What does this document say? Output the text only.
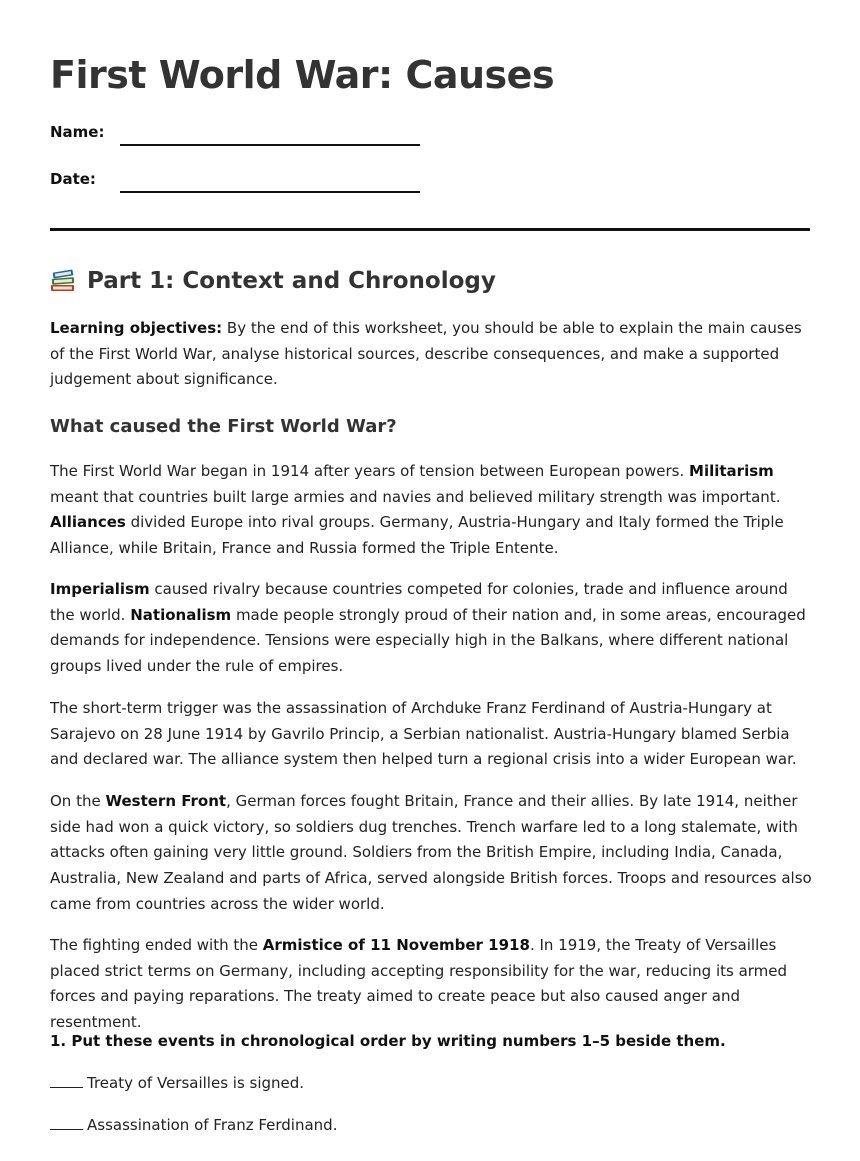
First World War: Causes
Name:
Date:
Part 1: Context and Chronology

Learning objectives: By the end of this worksheet, you should be able to explain the main causes of the First World War, analyse historical sources, describe consequences, and make a supported judgement about significance.

What caused the First World War?

The First World War began in 1914 after years of tension between European powers. Militarism meant that countries built large armies and navies and believed military strength was important. Alliances divided Europe into rival groups. Germany, Austria-Hungary and Italy formed the Triple Alliance, while Britain, France and Russia formed the Triple Entente.

Imperialism caused rivalry because countries competed for colonies, trade and influence around the world. Nationalism made people strongly proud of their nation and, in some areas, encouraged demands for independence. Tensions were especially high in the Balkans, where different national groups lived under the rule of empires.

The short-term trigger was the assassination of Archduke Franz Ferdinand of Austria-Hungary at Sarajevo on 28 June 1914 by Gavrilo Princip, a Serbian nationalist. Austria-Hungary blamed Serbia and declared war. The alliance system then helped turn a regional crisis into a wider European war.

On the Western Front, German forces fought Britain, France and their allies. By late 1914, neither side had won a quick victory, so soldiers dug trenches. Trench warfare led to a long stalemate, with attacks often gaining very little ground. Soldiers from the British Empire, including India, Canada, Australia, New Zealand and parts of Africa, served alongside British forces. Troops and resources also came from countries across the wider world.

The fighting ended with the Armistice of 11 November 1918. In 1919, the Treaty of Versailles placed strict terms on Germany, including accepting responsibility for the war, reducing its armed forces and paying reparations. The treaty aimed to create peace but also caused anger and resentment.

1. Put these events in chronological order by writing numbers 1–5 beside them.

Treaty of Versailles is signed.

Assassination of Franz Ferdinand.
